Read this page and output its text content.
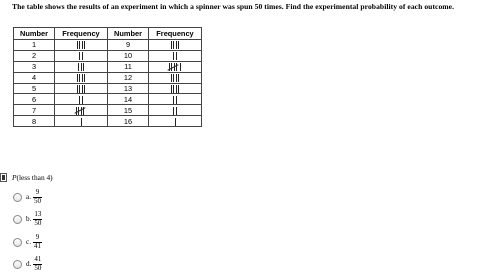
The table shows the results of an experiment in which a spinner was spun 50 times. Find the experimental probability of each outcome.
Number	Frequency	Number	Frequency
1		9	

2		10	

3		11	

4		12	

5		13	

6		14	

7		15	

8		16	
P (less than 4)
a. $\frac{9}{50}$
b. $\frac{13}{50}$
c. $\frac{9}{41}$
d. $\frac{41}{50}$
